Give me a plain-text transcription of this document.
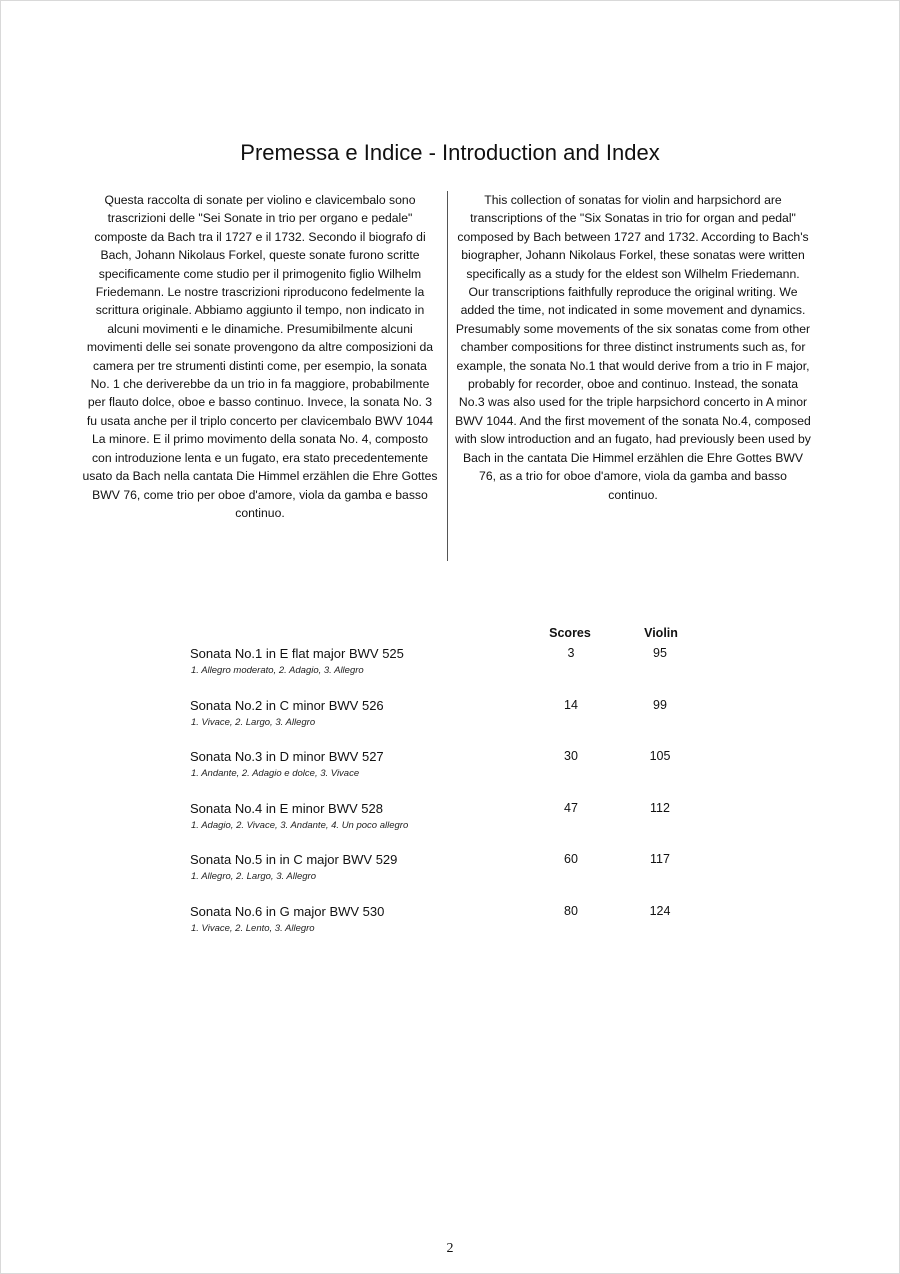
Premessa e Indice - Introduction and Index

Questa raccolta di sonate per violino e clavicembalo sono trascrizioni delle "Sei Sonate in trio per organo e pedale" composte da Bach tra il 1727 e il 1732. Secondo il biografo di Bach, Johann Nikolaus Forkel, queste sonate furono scritte specificamente come studio per il primogenito figlio Wilhelm Friedemann. Le nostre trascrizioni riproducono fedelmente la scrittura originale. Abbiamo aggiunto il tempo, non indicato in alcuni movimenti e le dinamiche. Presumibilmente alcuni movimenti delle sei sonate provengono da altre composizioni da camera per tre strumenti distinti come, per esempio, la sonata No. 1 che deriverebbe da un trio in fa maggiore, probabilmente per flauto dolce, oboe e basso continuo. Invece, la sonata No. 3 fu usata anche per il triplo concerto per clavicembalo BWV 1044 La minore. E il primo movimento della sonata No. 4, composto con introduzione lenta e un fugato, era stato precedentemente usato da Bach nella cantata Die Himmel erzählen die Ehre Gottes BWV 76, come trio per oboe d'amore, viola da gamba e basso continuo.

This collection of sonatas for violin and harpsichord are transcriptions of the "Six Sonatas in trio for organ and pedal" composed by Bach between 1727 and 1732. According to Bach's biographer, Johann Nikolaus Forkel, these sonatas were written specifically as a study for the eldest son Wilhelm Friedemann.

Our transcriptions faithfully reproduce the original writing. We added the time, not indicated in some movement and dynamics. Presumably some movements of the six sonatas come from other chamber compositions for three distinct instruments such as, for example, the sonata No.1 that would derive from a trio in F major, probably for recorder, oboe and continuo. Instead, the sonata No.3 was also used for the triple harpsichord concerto in A minor BWV 1044. And the first movement of the sonata No.4, composed with slow introduction and an fugato, had previously been used by Bach in the cantata Die Himmel erzählen die Ehre Gottes BWV 76, as a trio for oboe d'amore, viola da gamba and basso continuo.

Scores	Violin
Sonata No.1 in E flat major BWV 525
1. Allegro moderato, 2. Adagio, 3. Allegro
3	95
Sonata No.2 in C minor BWV 526
1. Vivace, 2. Largo, 3. Allegro
14	99
Sonata No.3 in D minor BWV 527
1. Andante, 2. Adagio e dolce, 3. Vivace
30	105
Sonata No.4 in E minor BWV 528
1. Adagio, 2. Vivace, 3. Andante, 4. Un poco allegro
47	112
Sonata No.5 in in C major BWV 529
1. Allegro, 2. Largo, 3. Allegro
60	117
Sonata No.6 in G major BWV 530
1. Vivace, 2. Lento, 3. Allegro
80	124
2
